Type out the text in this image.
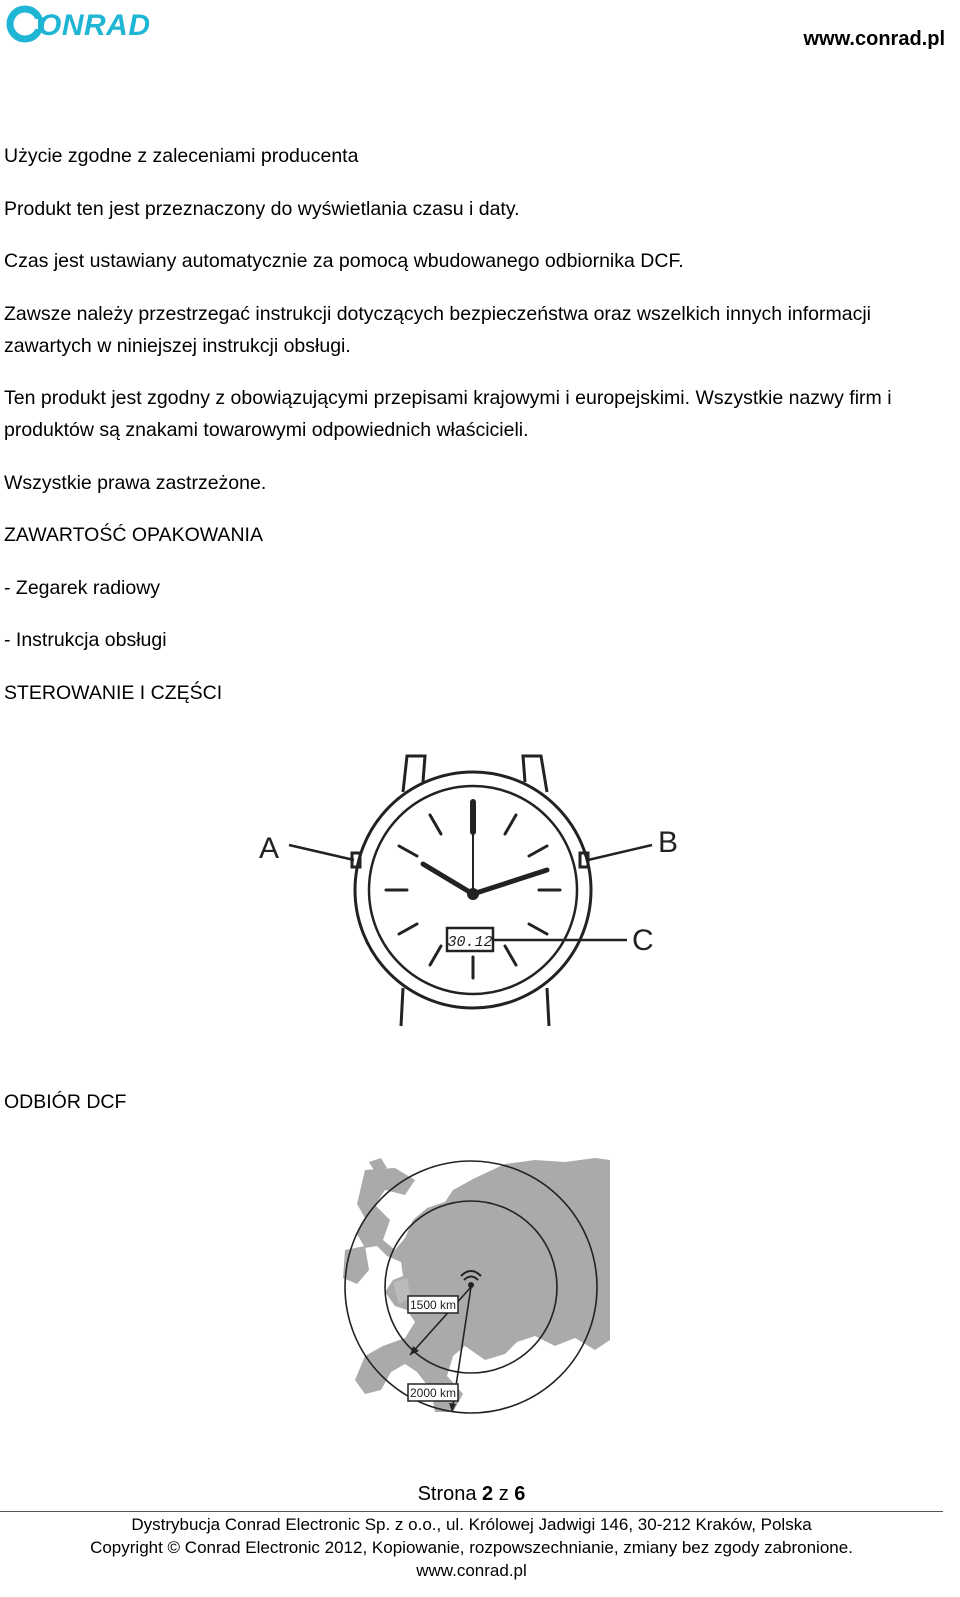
ONRAD	www.conrad.pl

Użycie zgodne z zaleceniami producenta

Produkt ten jest przeznaczony do wyświetlania czasu i daty.

Czas jest ustawiany automatycznie za pomocą wbudowanego odbiornika DCF.

Zawsze należy przestrzegać instrukcji dotyczących bezpieczeństwa oraz wszelkich innych informacji zawartych w niniejszej instrukcji obsługi.

Ten produkt jest zgodny z obowiązującymi przepisami krajowymi i europejskimi. Wszystkie nazwy firm i produktów są znakami towarowymi odpowiednich właścicieli.

Wszystkie prawa zastrzeżone.

ZAWARTOŚĆ OPAKOWANIA

- Zegarek radiowy

- Instrukcja obsługi

STEROWANIE I CZĘŚCI

30.12
A	B
C

ODBIÓR DCF

1500 km
2000 km
Strona 2 z 6
Dystrybucja Conrad Electronic Sp. z o.o., ul. Królowej Jadwigi 146, 30-212 Kraków, Polska
Copyright © Conrad Electronic 2012, Kopiowanie, rozpowszechnianie, zmiany bez zgody zabronione.
www.conrad.pl
